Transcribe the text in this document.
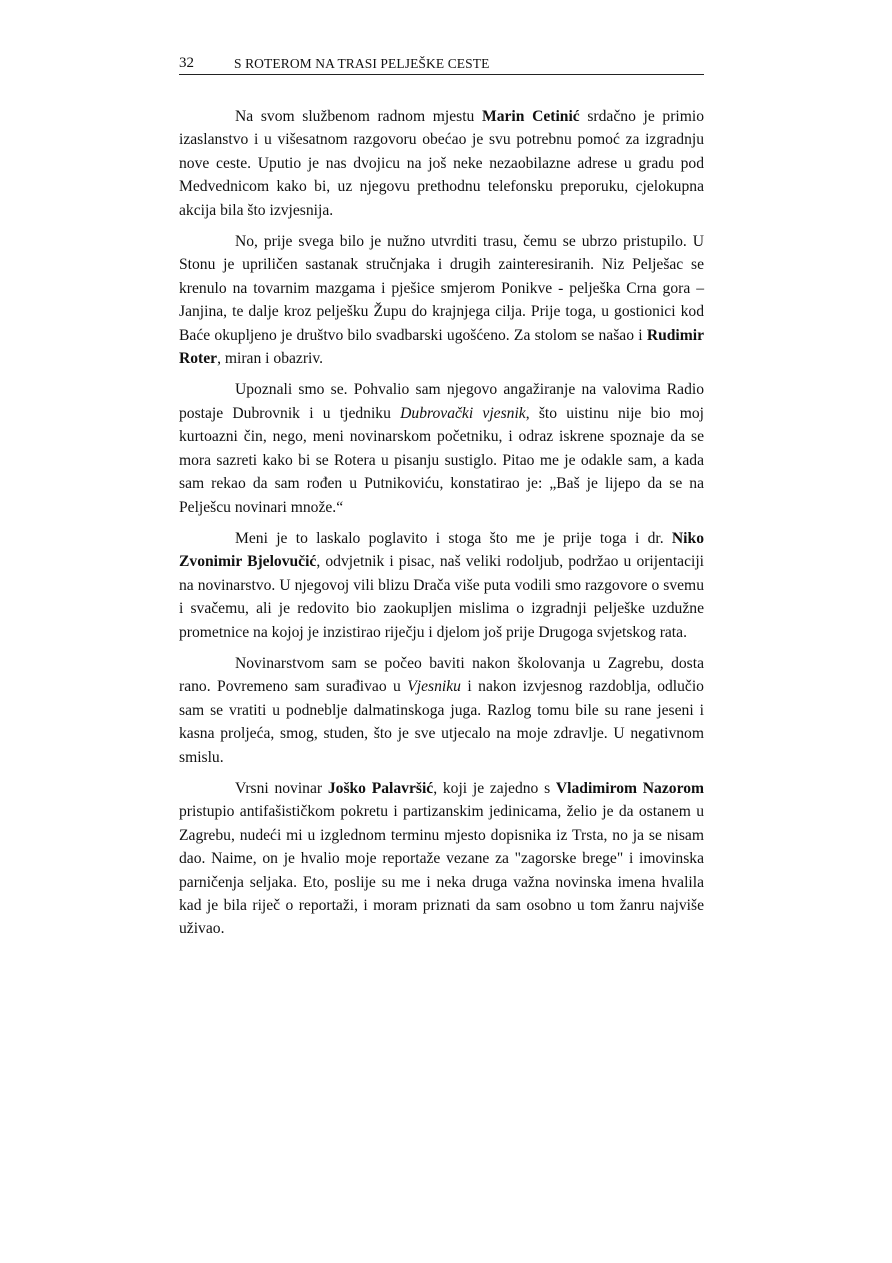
32	S ROTEROM NA TRASI PELJEŠKE CESTE

Na svom službenom radnom mjestu Marin Cetinić srdačno je primio izaslanstvo i u višesatnom razgovoru obećao je svu potrebnu pomoć za izgradnju nove ceste. Uputio je nas dvojicu na još neke nezaobilazne adrese u gradu pod Medvednicom kako bi, uz njegovu prethodnu telefonsku preporuku, cjelokupna akcija bila što izvjesnija.

No, prije svega bilo je nužno utvrditi trasu, čemu se ubrzo pristupilo. U Stonu je upriličen sastanak stručnjaka i drugih zainteresiranih. Niz Pelješac se krenulo na tovarnim mazgama i pješice smjerom Ponikve - pelješka Crna gora – Janjina, te dalje kroz pelješku Župu do krajnjega cilja. Prije toga, u gostionici kod Baće okupljeno je društvo bilo svadbarski ugošćeno. Za stolom se našao i Rudimir Roter, miran i obazriv.

Upoznali smo se. Pohvalio sam njegovo angažiranje na valovima Radio postaje Dubrovnik i u tjedniku Dubrovački vjesnik, što uistinu nije bio moj kurtoazni čin, nego, meni novinarskom početniku, i odraz iskrene spoznaje da se mora sazreti kako bi se Rotera u pisanju sustiglo. Pitao me je odakle sam, a kada sam rekao da sam rođen u Putnikoviću, konstatirao je: „Baš je lijepo da se na Pelješcu novinari množe.“

Meni je to laskalo poglavito i stoga što me je prije toga i dr. Niko Zvonimir Bjelovučić, odvjetnik i pisac, naš veliki rodoljub, podržao u orijentaciji na novinarstvo. U njegovoj vili blizu Drača više puta vodili smo razgovore o svemu i svačemu, ali je redovito bio zaokupljen mislima o izgradnji pelješke uzdužne prometnice na kojoj je inzistirao riječju i djelom još prije Drugoga svjetskog rata.

Novinarstvom sam se počeo baviti nakon školovanja u Zagrebu, dosta rano. Povremeno sam surađivao u Vjesniku i nakon izvjesnog razdoblja, odlučio sam se vratiti u podneblje dalmatinskoga juga. Razlog tomu bile su rane jeseni i kasna proljeća, smog, studen, što je sve utjecalo na moje zdravlje. U negativnom smislu.

Vrsni novinar Joško Palavršić, koji je zajedno s Vladimirom Nazorom pristupio antifašističkom pokretu i partizanskim jedinicama, želio je da ostanem u Zagrebu, nudeći mi u izglednom terminu mjesto dopisnika iz Trsta, no ja se nisam dao. Naime, on je hvalio moje reportaže vezane za "zagorske brege" i imovinska parničenja seljaka. Eto, poslije su me i neka druga važna novinska imena hvalila kad je bila riječ o reportaži, i moram priznati da sam osobno u tom žanru najviše uživao.
